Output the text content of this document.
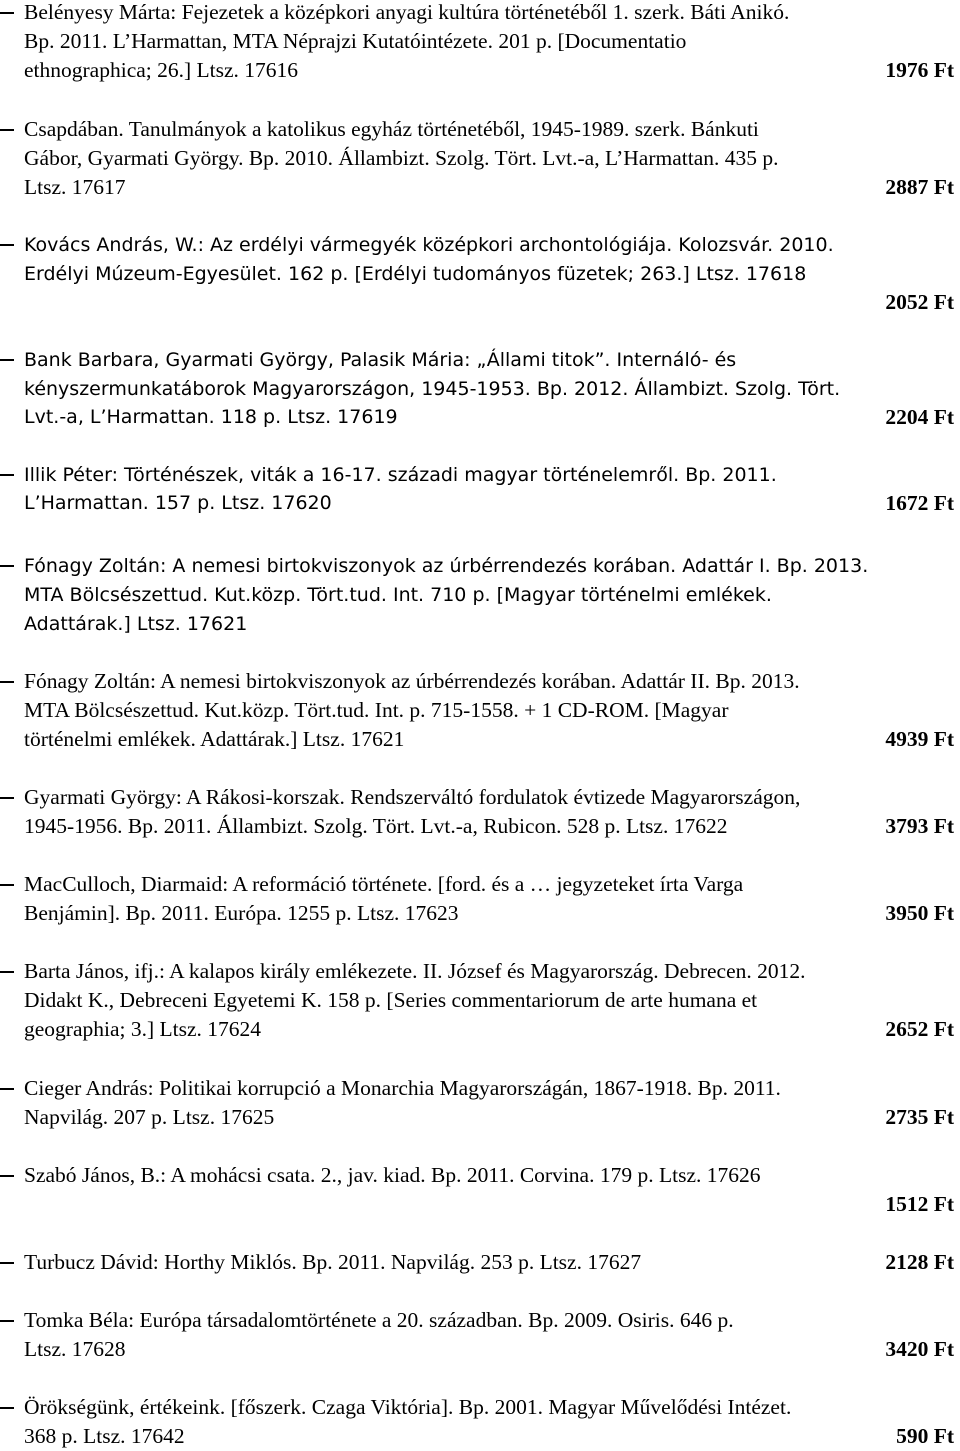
Belényesy Márta: Fejezetek a középkori anyagi kultúra történetéből 1. szerk. Báti Anikó.
Bp. 2011. L’Harmattan, MTA Néprajzi Kutatóintézete. 201 p. [Documentatio
ethnographica; 26.] Ltsz. 17616	1976 Ft
Csapdában. Tanulmányok a katolikus egyház történetéből, 1945-1989. szerk. Bánkuti
Gábor, Gyarmati György. Bp. 2010. Állambizt. Szolg. Tört. Lvt.-a, L’Harmattan. 435 p.
Ltsz. 17617	2887 Ft
Kovács András, W.: Az erdélyi vármegyék középkori archontológiája. Kolozsvár. 2010.
Erdélyi Múzeum-Egyesület. 162 p. [Erdélyi tudományos füzetek; 263.] Ltsz. 17618
2052 Ft
Bank Barbara, Gyarmati György, Palasik Mária: „Állami titok”. Internáló- és
kényszermunkatáborok Magyarországon, 1945-1953. Bp. 2012. Állambizt. Szolg. Tört.
Lvt.-a, L’Harmattan. 118 p. Ltsz. 17619	2204 Ft
Illik Péter: Történészek, viták a 16-17. századi magyar történelemről. Bp. 2011.
L’Harmattan. 157 p. Ltsz. 17620	1672 Ft
Fónagy Zoltán: A nemesi birtokviszonyok az úrbérrendezés korában. Adattár I. Bp. 2013.
MTA Bölcsészettud. Kut.közp. Tört.tud. Int. 710 p. [Magyar történelmi emlékek.
Adattárak.] Ltsz. 17621
Fónagy Zoltán: A nemesi birtokviszonyok az úrbérrendezés korában. Adattár II. Bp. 2013.
MTA Bölcsészettud. Kut.közp. Tört.tud. Int. p. 715-1558. + 1 CD-ROM. [Magyar
történelmi emlékek. Adattárak.] Ltsz. 17621	4939 Ft
Gyarmati György: A Rákosi-korszak. Rendszerváltó fordulatok évtizede Magyarországon,
1945-1956. Bp. 2011. Állambizt. Szolg. Tört. Lvt.-a, Rubicon. 528 p. Ltsz. 17622	3793 Ft
MacCulloch, Diarmaid: A reformáció története. [ford. és a … jegyzeteket írta Varga
Benjámin]. Bp. 2011. Európa. 1255 p. Ltsz. 17623	3950 Ft
Barta János, ifj.: A kalapos király emlékezete. II. József és Magyarország. Debrecen. 2012.
Didakt K., Debreceni Egyetemi K. 158 p. [Series commentariorum de arte humana et
geographia; 3.] Ltsz. 17624	2652 Ft
Cieger András: Politikai korrupció a Monarchia Magyarországán, 1867-1918. Bp. 2011.
Napvilág. 207 p. Ltsz. 17625	2735 Ft
Szabó János, B.: A mohácsi csata. 2., jav. kiad. Bp. 2011. Corvina. 179 p. Ltsz. 17626
1512 Ft
Turbucz Dávid: Horthy Miklós. Bp. 2011. Napvilág. 253 p. Ltsz. 17627	2128 Ft
Tomka Béla: Európa társadalomtörténete a 20. században. Bp. 2009. Osiris. 646 p.
Ltsz. 17628	3420 Ft
Örökségünk, értékeink. [főszerk. Czaga Viktória]. Bp. 2001. Magyar Művelődési Intézet.
368 p. Ltsz. 17642	590 Ft
